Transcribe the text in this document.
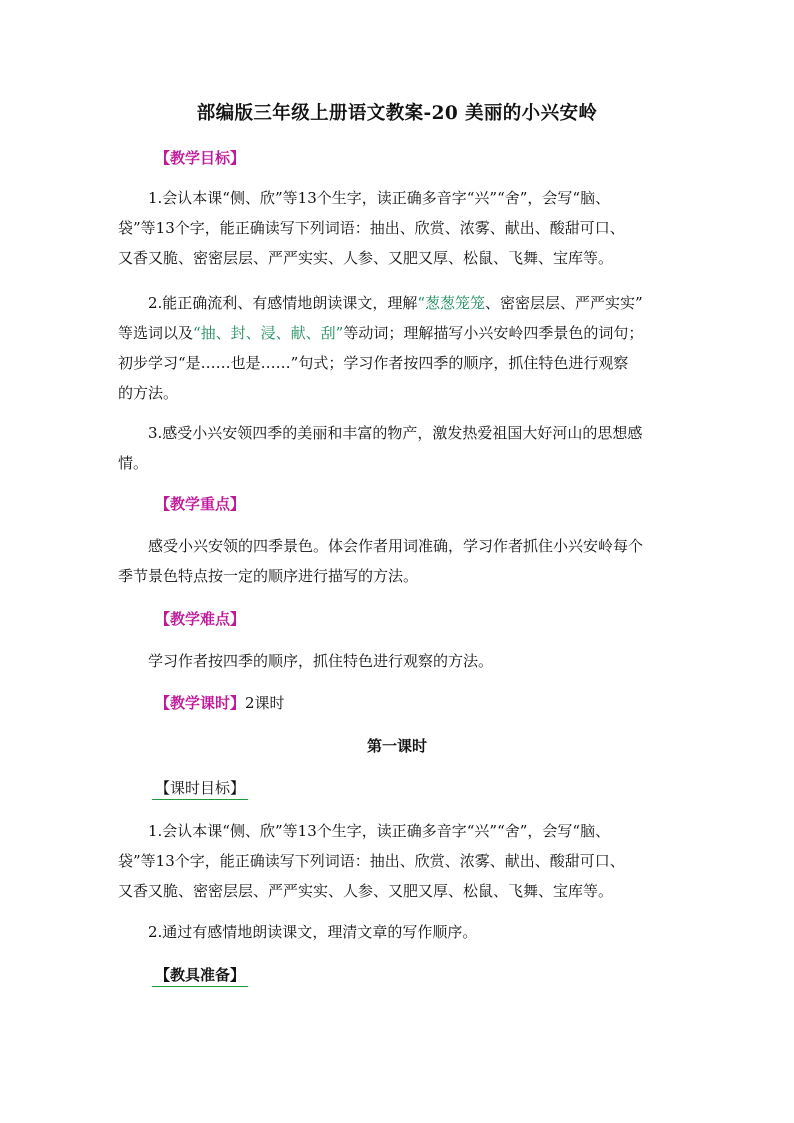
部编版三年级上册语文教案-20 美丽的小兴安岭
【教学目标】
1.会认本课“侧、欣”等13个生字，读正确多音字“兴”“舍”，会写“脑、
袋”等13个字，能正确读写下列词语：抽出、欣赏、浓雾、献出、酸甜可口、
又香又脆、密密层层、严严实实、人参、又肥又厚、松鼠、飞舞、宝库等。
2.能正确流利、有感情地朗读课文，理解“葱葱笼笼、密密层层、严严实实”
等选词以及“抽、封、浸、献、刮”等动词；理解描写小兴安岭四季景色的词句；
初步学习“是……也是……”句式；学习作者按四季的顺序，抓住特色进行观察
的方法。
3.感受小兴安领四季的美丽和丰富的物产，激发热爱祖国大好河山的思想感
情。
【教学重点】
感受小兴安领的四季景色。体会作者用词准确，学习作者抓住小兴安岭每个
季节景色特点按一定的顺序进行描写的方法。
【教学难点】
学习作者按四季的顺序，抓住特色进行观察的方法。
【教学课时】2课时
第一课时
【课时目标】
1.会认本课“侧、欣”等13个生字，读正确多音字“兴”“舍”，会写“脑、
袋”等13个字，能正确读写下列词语：抽出、欣赏、浓雾、献出、酸甜可口、
又香又脆、密密层层、严严实实、人参、又肥又厚、松鼠、飞舞、宝库等。
2.通过有感情地朗读课文，理清文章的写作顺序。
【教具准备】
